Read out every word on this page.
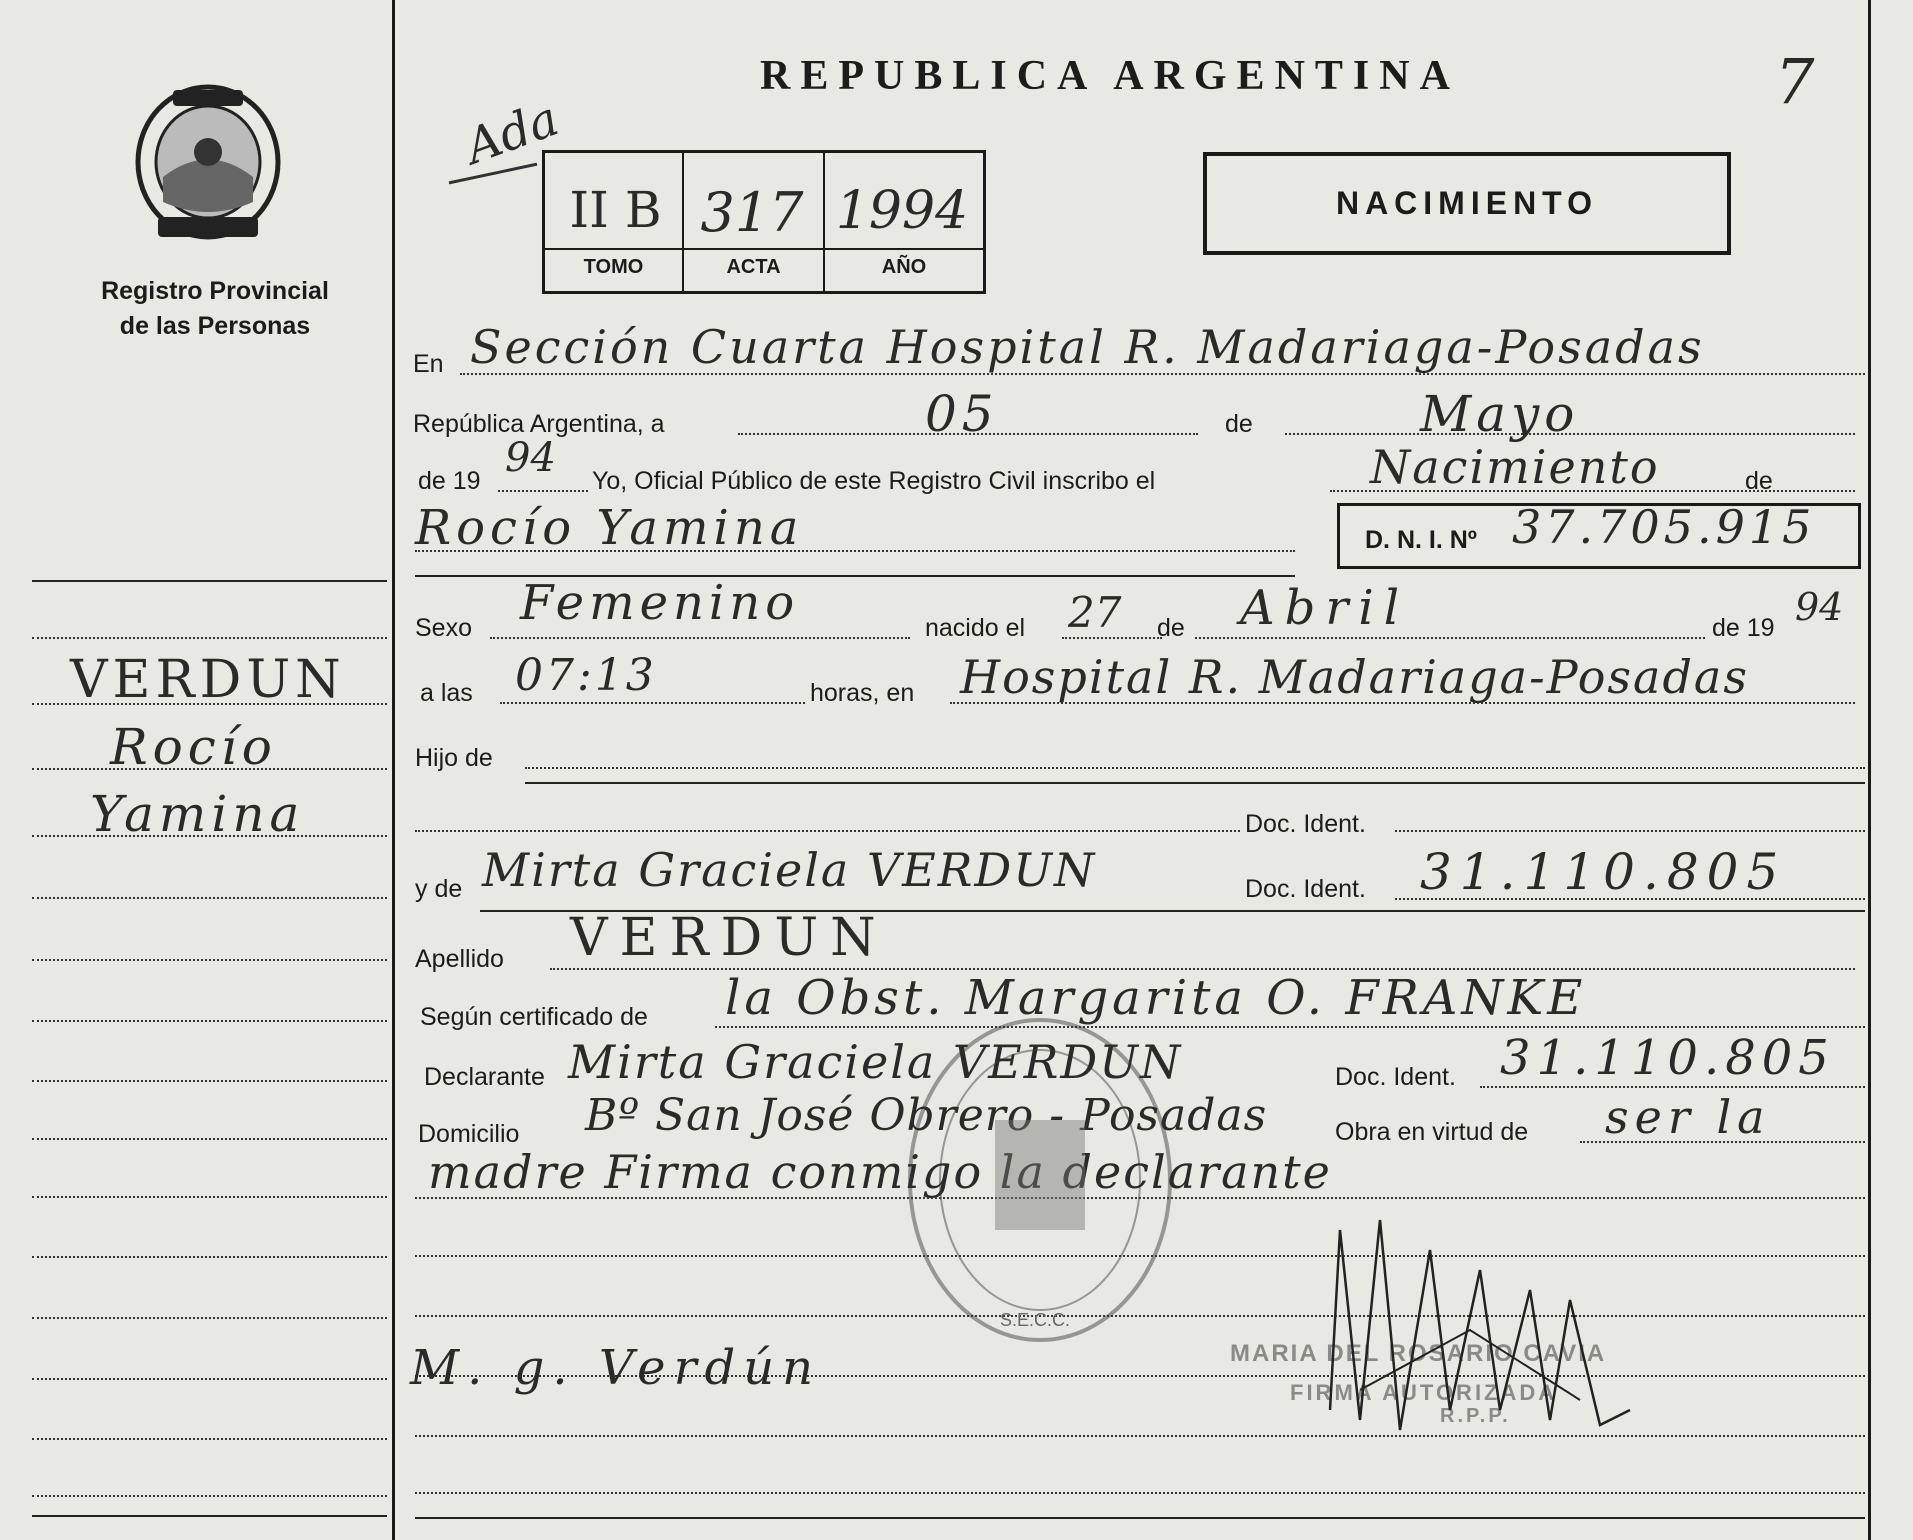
Registro Provincial
de las Personas
VERDUN
Rocío
Yamina
REPUBLICA ARGENTINA	7
Ada
II B 317 1994
TOMO	ACTA	AÑO
NACIMIENTO
En Sección Cuarta Hospital R. Madariaga-Posadas
República Argentina, a	05	de	Mayo
de 19 94 Yo, Oficial Público de este Registro Civil inscribo el	Nacimiento	de
Rocío Yamina	D. N. I. Nº 37.705.915
Sexo Femenino	nacido el 27 de Abril	de 19 94
a las 07:13	horas, en Hospital R. Madariaga-Posadas
Hijo de
Doc. Ident.
y de Mirta Graciela VERDUN	Doc. Ident. 31.110.805
Apellido VERDUN
Según certificado de la Obst. Margarita O. FRANKE
Declarante Mirta Graciela VERDUN	Doc. Ident. 31.110.805
Domicilio Bº San José Obrero - Posadas	Obra en virtud de ser la
madre Firma conmigo la declarante
M. g. Verdún
S.E.C.C.
MARIA DEL ROSARIO CAVIA
FIRMA AUTORIZADA
R.P.P.
